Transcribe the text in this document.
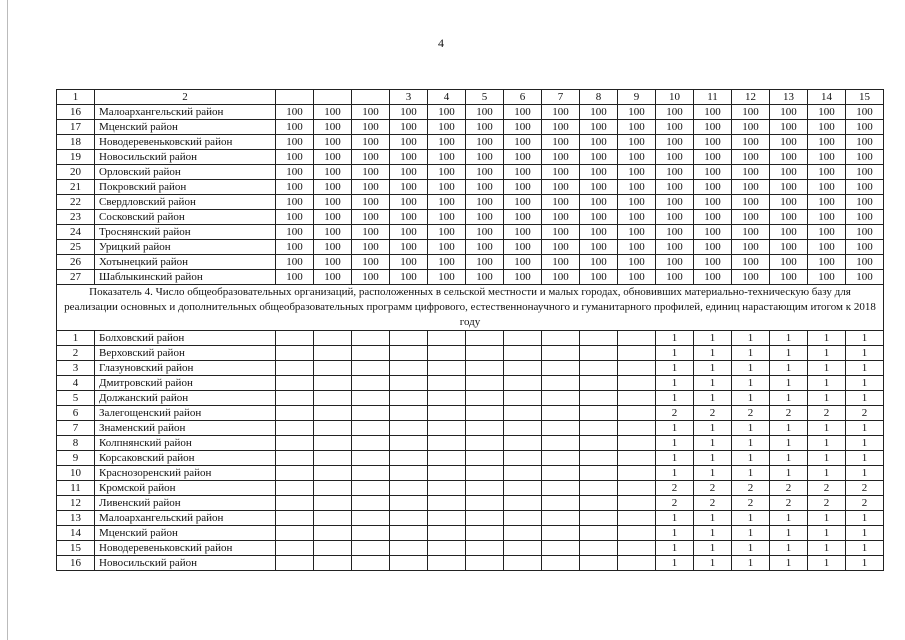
4
1	2				3	4	5	6	7	8	9	10	11	12	13	14	15
16	Малоархангельский район	100	100	100	100	100	100	100	100	100	100	100	100	100	100	100	100
17	Мценский район	100	100	100	100	100	100	100	100	100	100	100	100	100	100	100	100
18	Новодеревеньковский район	100	100	100	100	100	100	100	100	100	100	100	100	100	100	100	100
19	Новосильский район	100	100	100	100	100	100	100	100	100	100	100	100	100	100	100	100
20	Орловский район	100	100	100	100	100	100	100	100	100	100	100	100	100	100	100	100
21	Покровский район	100	100	100	100	100	100	100	100	100	100	100	100	100	100	100	100
22	Свердловский район	100	100	100	100	100	100	100	100	100	100	100	100	100	100	100	100
23	Сосковский район	100	100	100	100	100	100	100	100	100	100	100	100	100	100	100	100
24	Троснянский район	100	100	100	100	100	100	100	100	100	100	100	100	100	100	100	100
25	Урицкий район	100	100	100	100	100	100	100	100	100	100	100	100	100	100	100	100
26	Хотынецкий район	100	100	100	100	100	100	100	100	100	100	100	100	100	100	100	100
27	Шаблыкинский район	100	100	100	100	100	100	100	100	100	100	100	100	100	100	100	100
Показатель 4. Число общеобразовательных организаций, расположенных в сельской местности и малых городах, обновивших материально-техническую базу для реализации основных и дополнительных общеобразовательных программ цифрового, естественнонаучного и гуманитарного профилей, единиц нарастающим итогом к 2018 году																	
1	Болховский район											1	1	1	1	1	1
2	Верховский район											1	1	1	1	1	1
3	Глазуновский район											1	1	1	1	1	1
4	Дмитровский район											1	1	1	1	1	1
5	Должанский район											1	1	1	1	1	1
6	Залегощенский район											2	2	2	2	2	2
7	Знаменский район											1	1	1	1	1	1
8	Колпнянский район											1	1	1	1	1	1
9	Корсаковский район											1	1	1	1	1	1
10	Краснозоренский район											1	1	1	1	1	1
11	Кромской район											2	2	2	2	2	2
12	Ливенский район											2	2	2	2	2	2
13	Малоархангельский район											1	1	1	1	1	1
14	Мценский район											1	1	1	1	1	1
15	Новодеревеньковский район											1	1	1	1	1	1
16	Новосильский район											1	1	1	1	1	1
